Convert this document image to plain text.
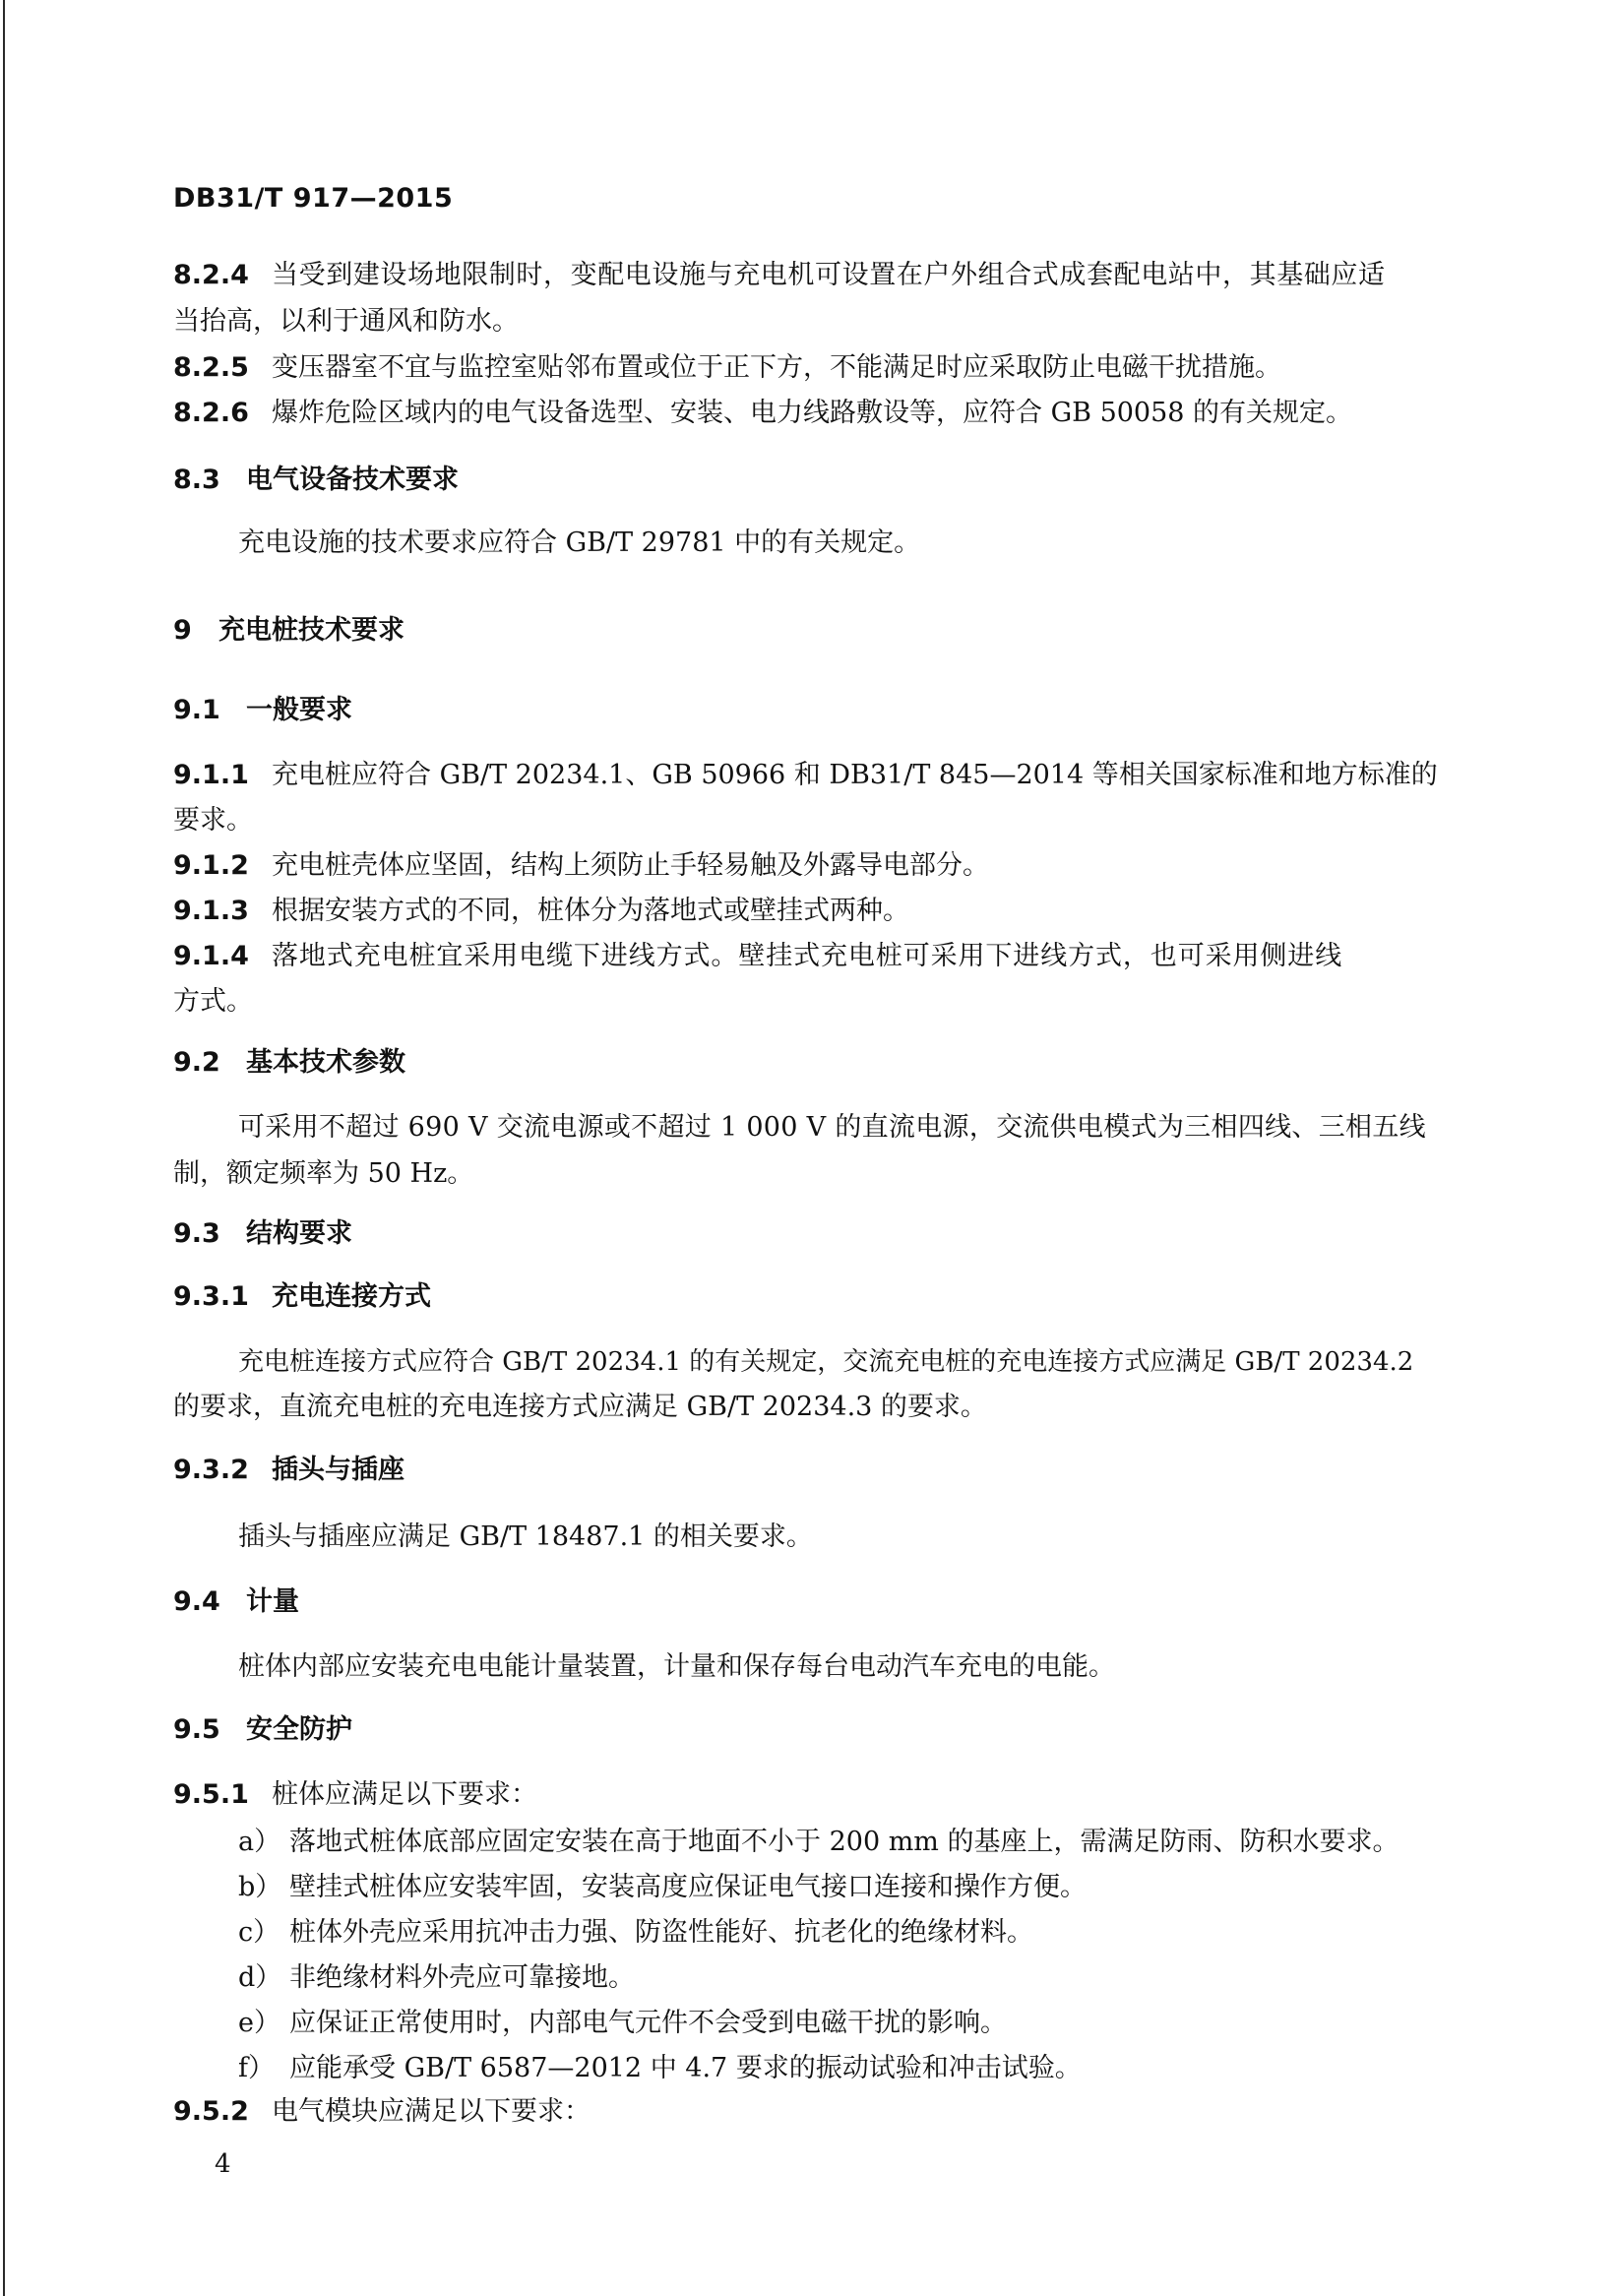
DB31/T 917—2015
8.2.4 当受到建设场地限制时，变配电设施与充电机可设置在户外组合式成套配电站中，其基础应适
当抬高，以利于通风和防水。
8.2.5 变压器室不宜与监控室贴邻布置或位于正下方，不能满足时应采取防止电磁干扰措施。
8.2.6 爆炸危险区域内的电气设备选型、安装、电力线路敷设等，应符合 GB 50058 的有关规定。
8.3 电气设备技术要求
充电设施的技术要求应符合 GB/T 29781 中的有关规定。
9 充电桩技术要求
9.1 一般要求
9.1.1 充电桩应符合 GB/T 20234.1、GB 50966 和 DB31/T 845—2014 等相关国家标准和地方标准的
要求。
9.1.2 充电桩壳体应坚固，结构上须防止手轻易触及外露导电部分。
9.1.3 根据安装方式的不同，桩体分为落地式或壁挂式两种。
9.1.4 落地式充电桩宜采用电缆下进线方式。壁挂式充电桩可采用下进线方式，也可采用侧进线
方式。
9.2 基本技术参数
可采用不超过 690 V 交流电源或不超过 1 000 V 的直流电源，交流供电模式为三相四线、三相五线
制，额定频率为 50 Hz。
9.3 结构要求
9.3.1 充电连接方式
充电桩连接方式应符合 GB/T 20234.1 的有关规定，交流充电桩的充电连接方式应满足 GB/T 20234.2
的要求，直流充电桩的充电连接方式应满足 GB/T 20234.3 的要求。
9.3.2 插头与插座
插头与插座应满足 GB/T 18487.1 的相关要求。
9.4 计量
桩体内部应安装充电电能计量装置，计量和保存每台电动汽车充电的电能。
9.5 安全防护
9.5.1 桩体应满足以下要求：
a） 落地式桩体底部应固定安装在高于地面不小于 200 mm 的基座上，需满足防雨、防积水要求。
b） 壁挂式桩体应安装牢固，安装高度应保证电气接口连接和操作方便。
c） 桩体外壳应采用抗冲击力强、防盗性能好、抗老化的绝缘材料。
d） 非绝缘材料外壳应可靠接地。
e） 应保证正常使用时，内部电气元件不会受到电磁干扰的影响。
f） 应能承受 GB/T 6587—2012 中 4.7 要求的振动试验和冲击试验。
9.5.2 电气模块应满足以下要求：
4
